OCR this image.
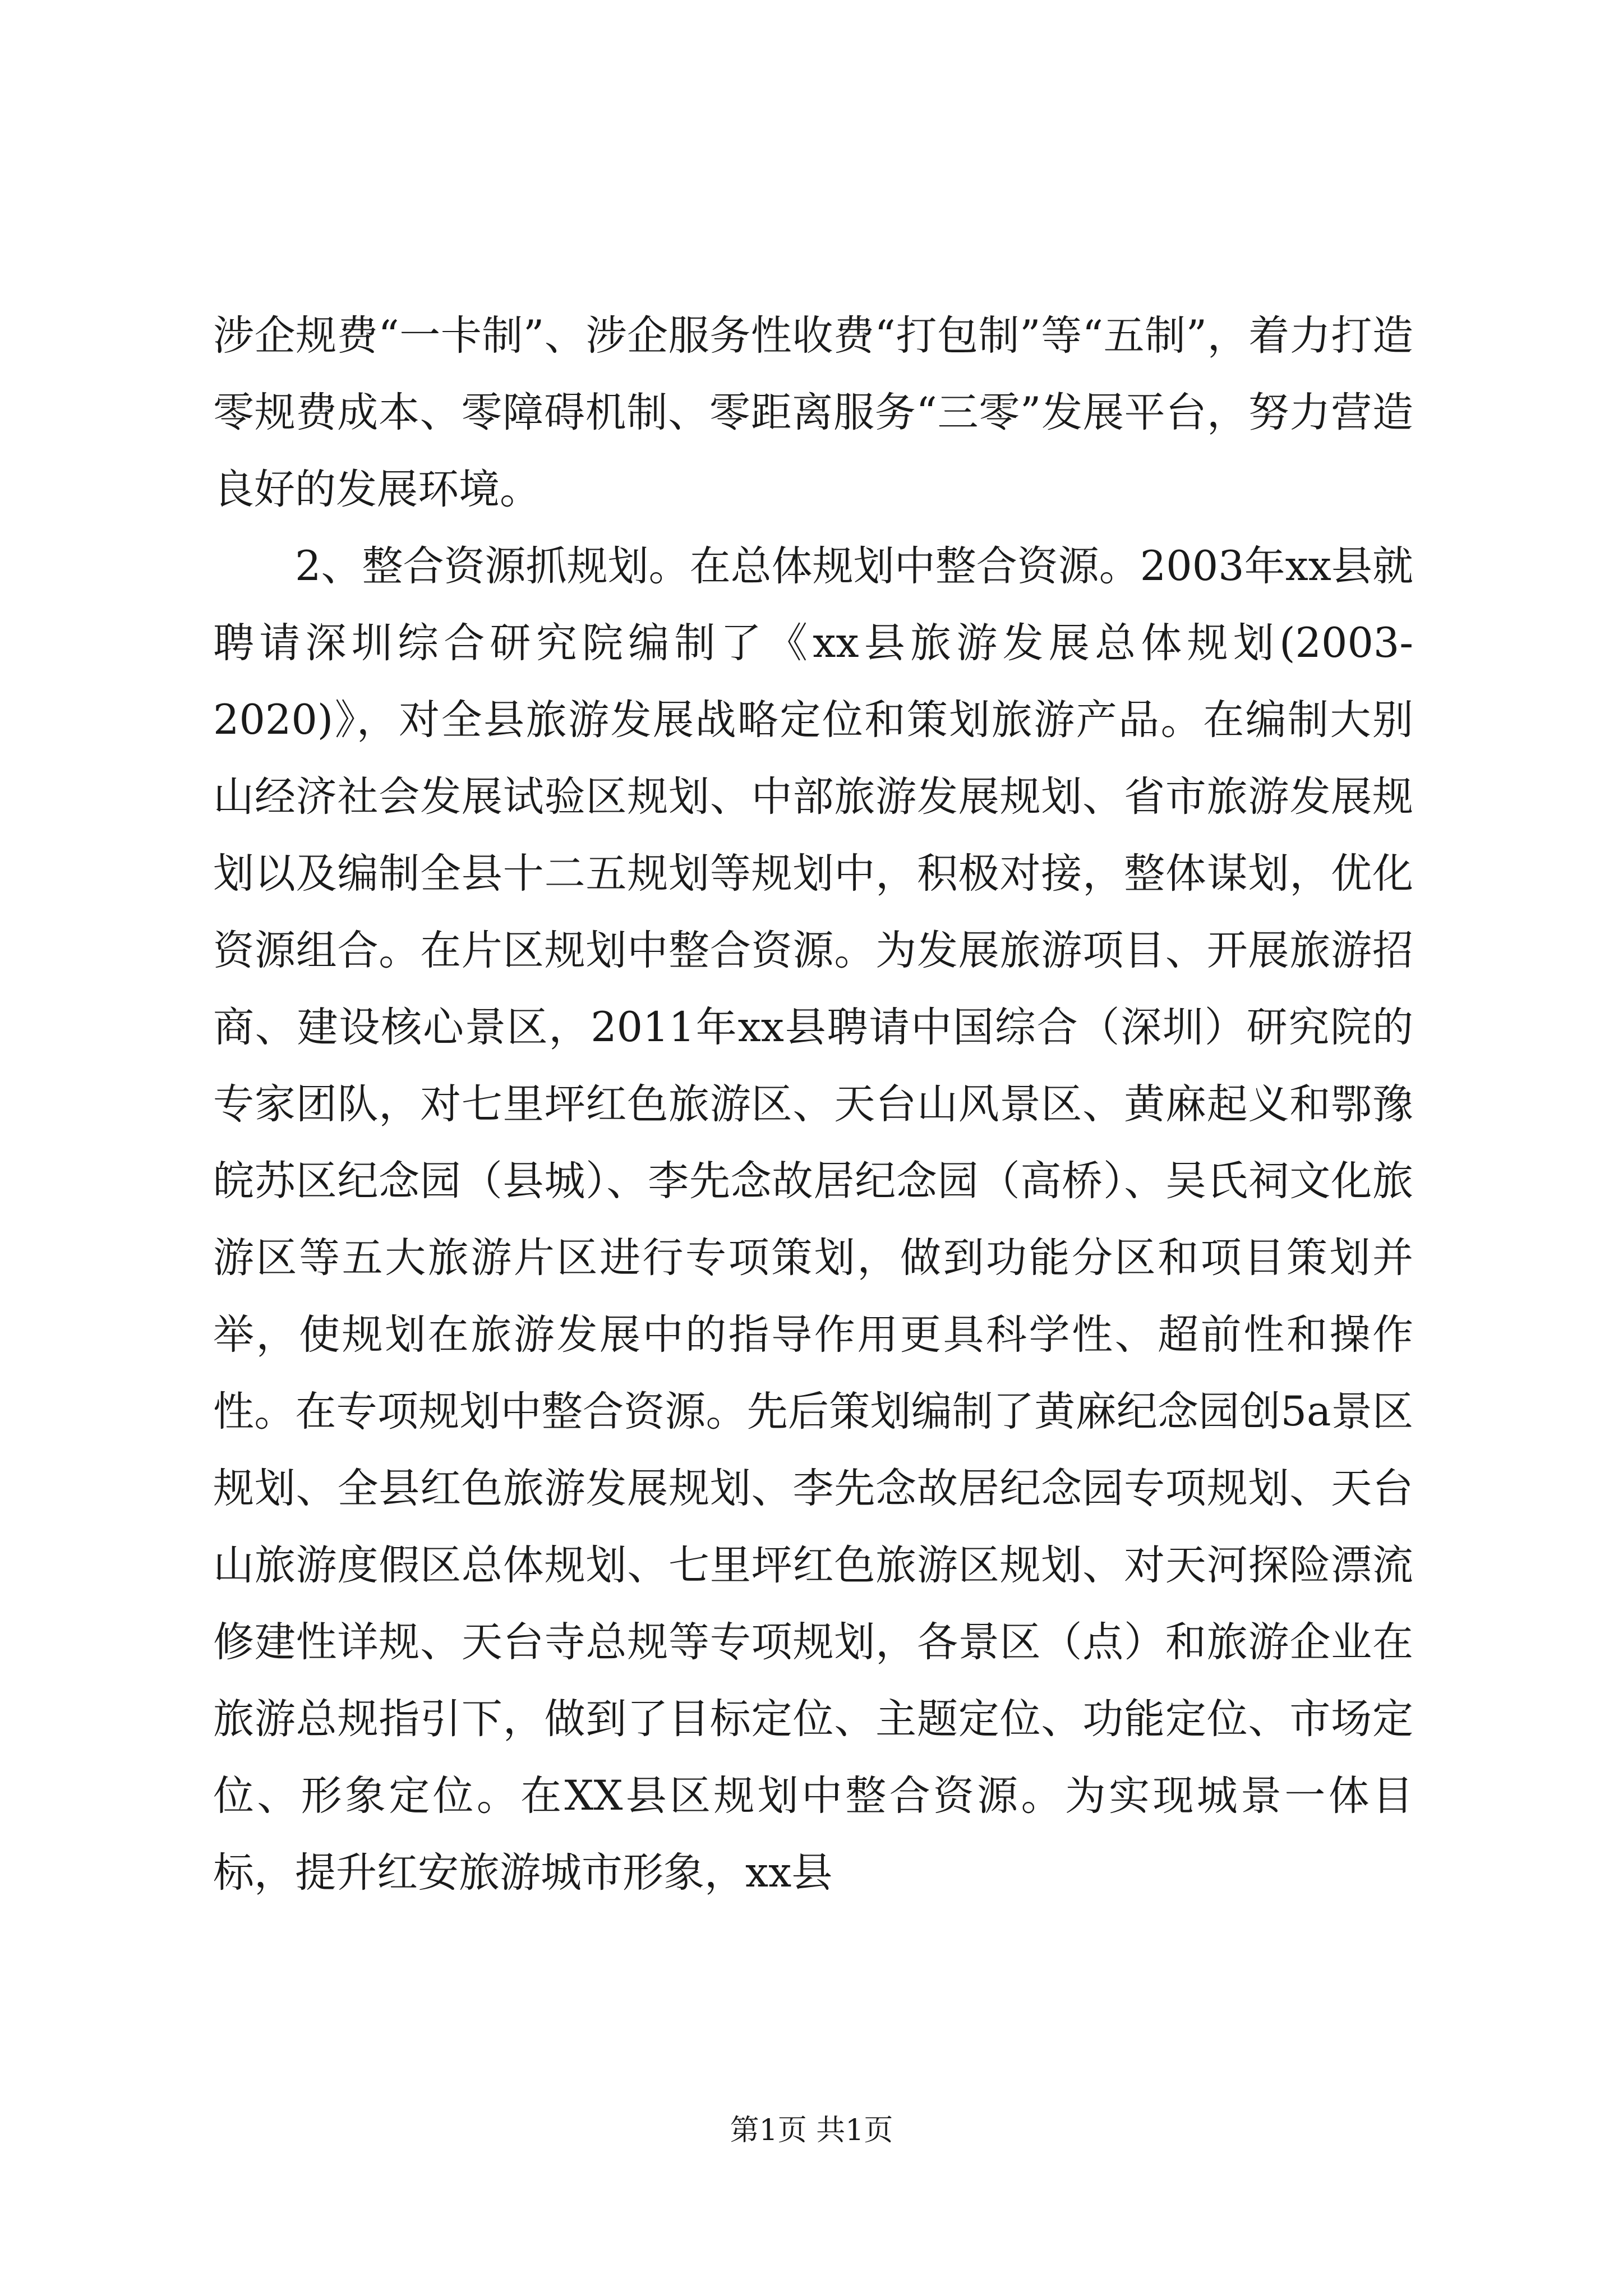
涉企规费“一卡制”、涉企服务性收费“打包制”等“五制”，着力打造零规费成本、零障碍机制、零距离服务“三零”发展平台，努力营造良好的发展环境。

2、整合资源抓规划。在总体规划中整合资源。2003年xx县就聘请深圳综合研究院编制了《xx县旅游发展总体规划(2003-2020)》，对全县旅游发展战略定位和策划旅游产品。在编制大别山经济社会发展试验区规划、中部旅游发展规划、省市旅游发展规划以及编制全县十二五规划等规划中，积极对接，整体谋划，优化资源组合。在片区规划中整合资源。为发展旅游项目、开展旅游招商、建设核心景区，2011年xx县聘请中国综合（深圳）研究院的专家团队，对七里坪红色旅游区、天台山风景区、黄麻起义和鄂豫皖苏区纪念园（县城）、李先念故居纪念园（高桥）、吴氏祠文化旅游区等五大旅游片区进行专项策划，做到功能分区和项目策划并举，使规划在旅游发展中的指导作用更具科学性、超前性和操作性。在专项规划中整合资源。先后策划编制了黄麻纪念园创5a景区规划、全县红色旅游发展规划、李先念故居纪念园专项规划、天台山旅游度假区总体规划、七里坪红色旅游区规划、对天河探险漂流修建性详规、天台寺总规等专项规划，各景区（点）和旅游企业在旅游总规指引下，做到了目标定位、主题定位、功能定位、市场定位、形象定位。在XX县区规划中整合资源。为实现城景一体目标，提升红安旅游城市形象，xx县

第1页 共1页
